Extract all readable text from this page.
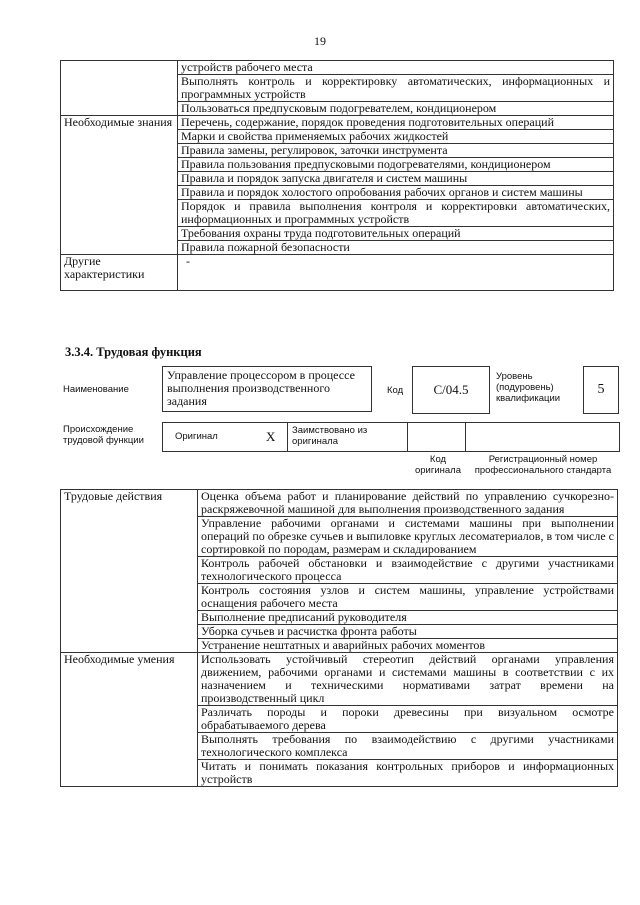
19
	устройств рабочего места
	Выполнять контроль и корректировку автоматических, информационных и программных устройств
	Пользоваться предпусковым подогревателем, кондиционером
Необходимые знания	Перечень, содержание, порядок проведения подготовительных операций
	Марки и свойства применяемых рабочих жидкостей
	Правила замены, регулировок, заточки инструмента
	Правила пользования предпусковыми подогревателями, кондиционером
	Правила и порядок запуска двигателя и систем машины
	Правила и порядок холостого опробования рабочих органов и систем машины
	Порядок и правила выполнения контроля и корректировки автоматических, информационных и программных устройств
	Требования охраны труда подготовительных операций
	Правила пожарной безопасности
Другие характеристики	-
3.3.4. Трудовая функция
Наименование
Управление процессором в процессе выполнения производственного задания
Код	С/04.5
Уровень (подуровень) квалификации
5
Происхождение трудовой функции	Оригинал	X Заимствовано из оригинала
Код оригинала
Регистрационный номер профессионального стандарта
Трудовые действия	Оценка объема работ и планирование действий по управлению сучкорезно-раскряжевочной машиной для выполнения производственного задания
	Управление рабочими органами и системами машины при выполнении операций по обрезке сучьев и выпиловке круглых лесоматериалов, в том числе с сортировкой по породам, размерам и складированием
	Контроль рабочей обстановки и взаимодействие с другими участниками технологического процесса
	Контроль состояния узлов и систем машины, управление устройствами оснащения рабочего места
	Выполнение предписаний руководителя
	Уборка сучьев и расчистка фронта работы
	Устранение нештатных и аварийных рабочих моментов
Необходимые умения	Использовать устойчивый стереотип действий органами управления движением, рабочими органами и системами машины в соответствии с их назначением и техническими нормативами затрат времени на производственный цикл
	Различать породы и пороки древесины при визуальном осмотре обрабатываемого дерева
	Выполнять требования по взаимодействию с другими участниками технологического комплекса
	Читать и понимать показания контрольных приборов и информационных устройств
